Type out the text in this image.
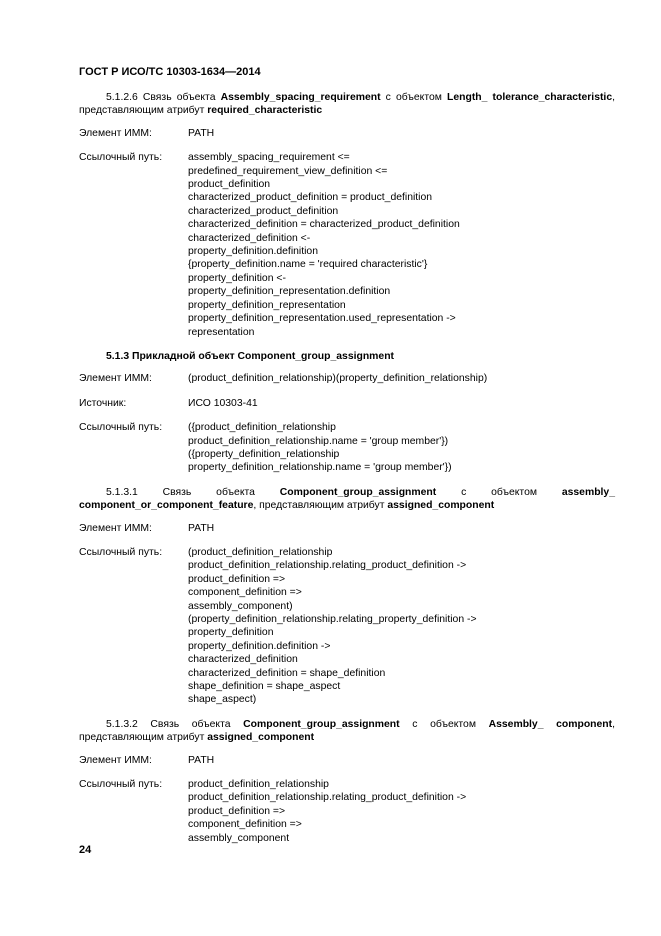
ГОСТ Р ИСО/ТС 10303-1634—2014

5.1.2.6 Связь объекта Assembly_spacing_requirement с объектом Length_ tolerance_characteristic, представляющим атрибут required_characteristic

Элемент ИММ:	PATH
Ссылочный путь:	assembly_spacing_requirement <=
predefined_requirement_view_definition <=
product_definition
characterized_product_definition = product_definition
characterized_product_definition
characterized_definition = characterized_product_definition
characterized_definition <-
property_definition.definition
{property_definition.name = 'required characteristic'}
property_definition <-
property_definition_representation.definition
property_definition_representation
property_definition_representation.used_representation ->
representation
5.1.3 Прикладной объект Component_group_assignment
Элемент ИММ:	(product_definition_relationship)(property_definition_relationship)
Источник:	ИСО 10303-41
Ссылочный путь:	({product_definition_relationship
product_definition_relationship.name = 'group member'})
({property_definition_relationship
property_definition_relationship.name = 'group member'})

5.1.3.1 Связь объекта Component_group_assignment с объектом assembly_ component_or_component_feature, представляющим атрибут assigned_component

Элемент ИММ:	PATH
Ссылочный путь:	(product_definition_relationship
product_definition_relationship.relating_product_definition ->
product_definition =>
component_definition =>
assembly_component)
(property_definition_relationship.relating_property_definition ->
property_definition
property_definition.definition ->
characterized_definition
characterized_definition = shape_definition
shape_definition = shape_aspect
shape_aspect)

5.1.3.2 Связь объекта Component_group_assignment с объектом Assembly_ component, представляющим атрибут assigned_component

Элемент ИММ:	PATH
Ссылочный путь:	product_definition_relationship
product_definition_relationship.relating_product_definition ->
product_definition =>
component_definition =>
assembly_component
24
